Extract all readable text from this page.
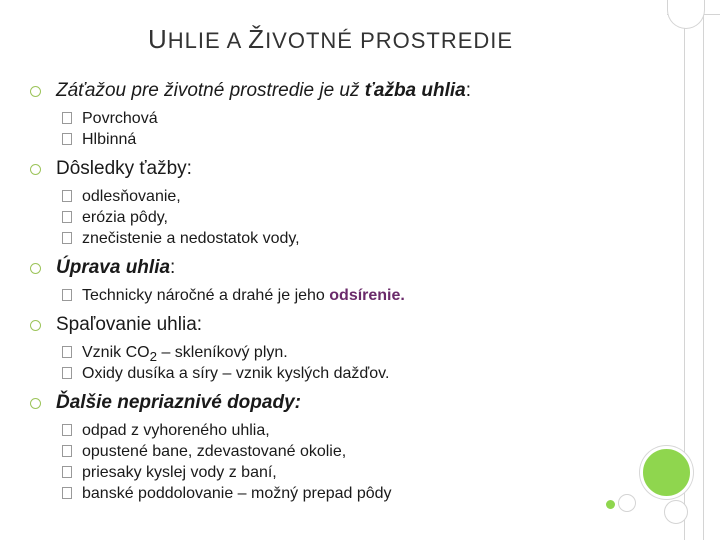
UHLIE A ŽIVOTNÉ PROSTREDIE
Záťažou pre životné prostredie je už ťažba uhlia:
Povrchová
Hlbinná
Dôsledky ťažby:
odlesňovanie,
erózia pôdy,
znečistenie a nedostatok vody,
Úprava uhlia:
Technicky náročné a drahé je jeho odsírenie.
Spaľovanie uhlia:
Vznik $CO_2$ – skleníkový plyn.
Oxidy dusíka a síry – vznik kyslých dažďov.
Ďalšie nepriaznivé dopady:
odpad z vyhoreného uhlia,
opustené bane, zdevastované okolie,
priesaky kyslej vody z baní,
banské poddolovanie – možný prepad pôdy
